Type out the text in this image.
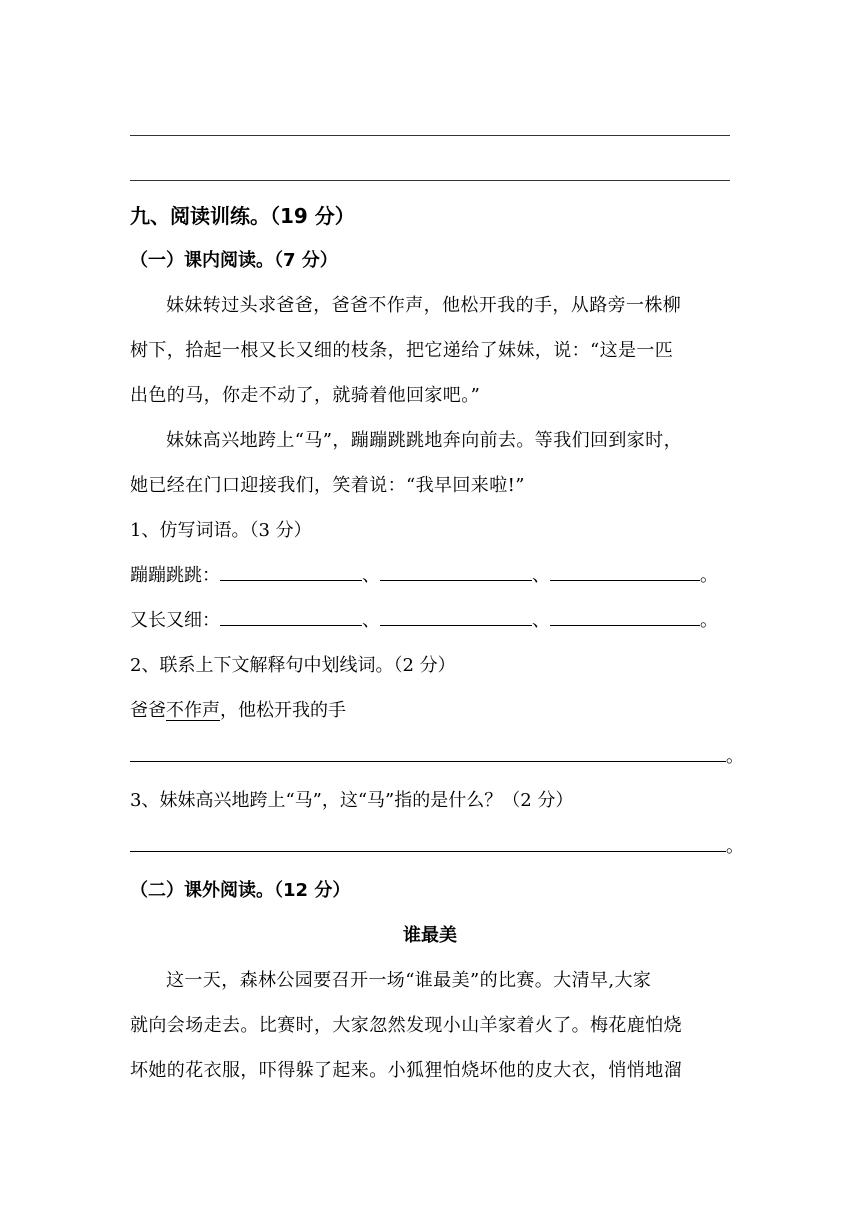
九、阅读训练。（19 分）
（一）课内阅读。（7 分）
妹妹转过头求爸爸，爸爸不作声，他松开我的手，从路旁一株柳
树下，拾起一根又长又细的枝条，把它递给了妹妹，说：“这是一匹
出色的马，你走不动了，就骑着他回家吧。”
妹妹高兴地跨上“马”，蹦蹦跳跳地奔向前去。等我们回到家时，
她已经在门口迎接我们，笑着说：“我早回来啦!”
1、仿写词语。（3 分）
蹦蹦跳跳：	、	、	。
又长又细：	、	、	。
2、联系上下文解释句中划线词。（2 分）
爸爸不作声，他松开我的手
。
3、妹妹高兴地跨上“马”，这“马”指的是什么？（2 分）
。
（二）课外阅读。（12 分）
谁最美
这一天，森林公园要召开一场“谁最美”的比赛。大清早,大家
就向会场走去。比赛时，大家忽然发现小山羊家着火了。梅花鹿怕烧
坏她的花衣服，吓得躲了起来。小狐狸怕烧坏他的皮大衣，悄悄地溜
